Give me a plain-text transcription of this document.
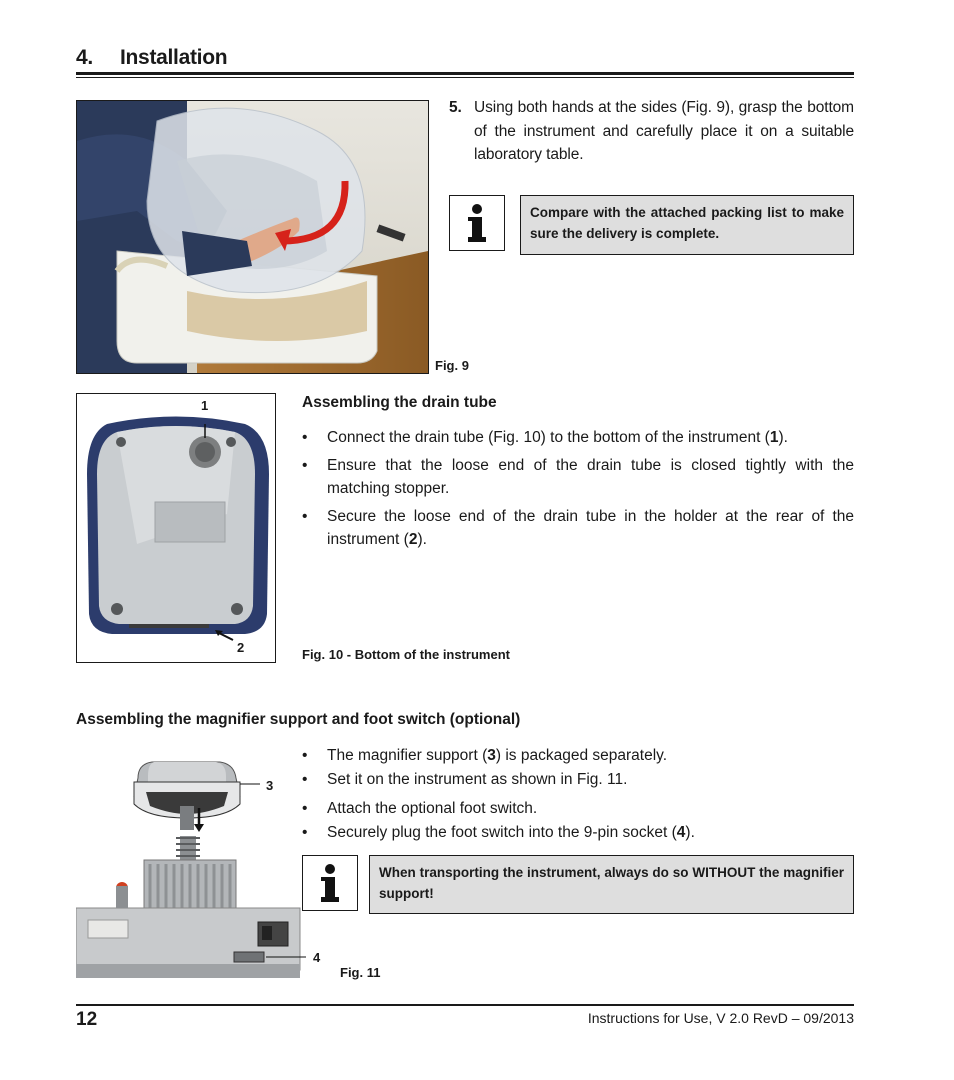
4. Installation
Fig. 9
5. Using both hands at the sides (Fig. 9), grasp the bottom of the instrument and carefully place it on a suitable laboratory table.
Compare with the attached packing list to make sure the delivery is complete.
1
2	Fig. 10 - Bottom of the instrument
Assembling the drain tube
• Connect the drain tube (Fig. 10) to the bottom of the instrument (1).
• Ensure that the loose end of the drain tube is closed tightly with the matching stopper.
• Secure the loose end of the drain tube in the holder at the rear of the instrument (2).
Assembling the magnifier support and foot switch (optional)
• The magnifier support (3) is packaged separately.
• Set it on the instrument as shown in Fig. 11.
• Attach the optional foot switch.
• Securely plug the foot switch into the 9-pin socket (4).
When transporting the instrument, always do so WITHOUT the magnifier support!
3
4
Fig. 11
12	Instructions for Use, V 2.0 RevD – 09/2013
